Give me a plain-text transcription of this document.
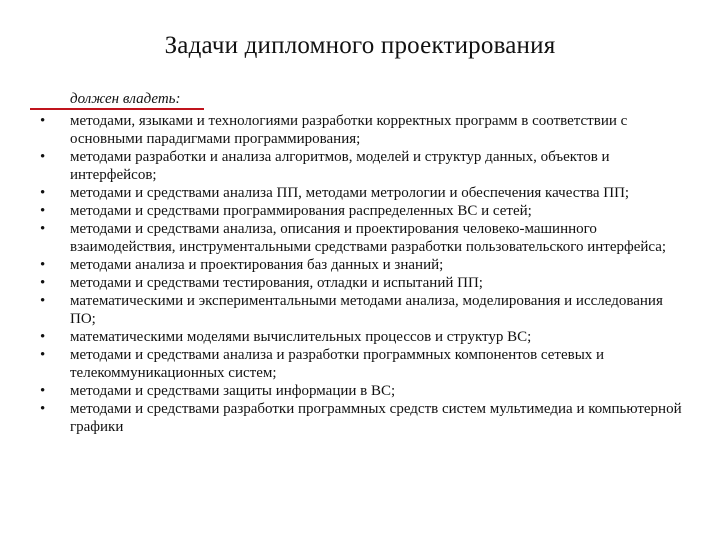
Задачи дипломного проектирования
должен владеть:
•	методами, языками и технологиями разработки корректных программ в соответствии с основными парадигмами программирования;
•	методами разработки и анализа алгоритмов, моделей и структур данных, объектов и интерфейсов;
•	методами и средствами анализа ПП, методами метрологии и обеспечения качества ПП;
•	методами и средствами программирования распределенных ВС и сетей;
•	методами и средствами анализа, описания и проектирования человеко-машинного взаимодействия, инструментальными средствами разработки пользовательского интерфейса;
•	методами анализа и проектирования баз данных и знаний;
•	методами и средствами тестирования, отладки и испытаний ПП;
•	математическими и экспериментальными методами анализа, моделирования и исследования ПО;
•	математическими моделями вычислительных процессов и структур ВС;
•	методами и средствами анализа и разработки программных компонентов сетевых и телекоммуникационных систем;
•	методами и средствами защиты информации в ВС;
•	методами и средствами разработки программных средств систем мультимедиа и компьютерной графики
